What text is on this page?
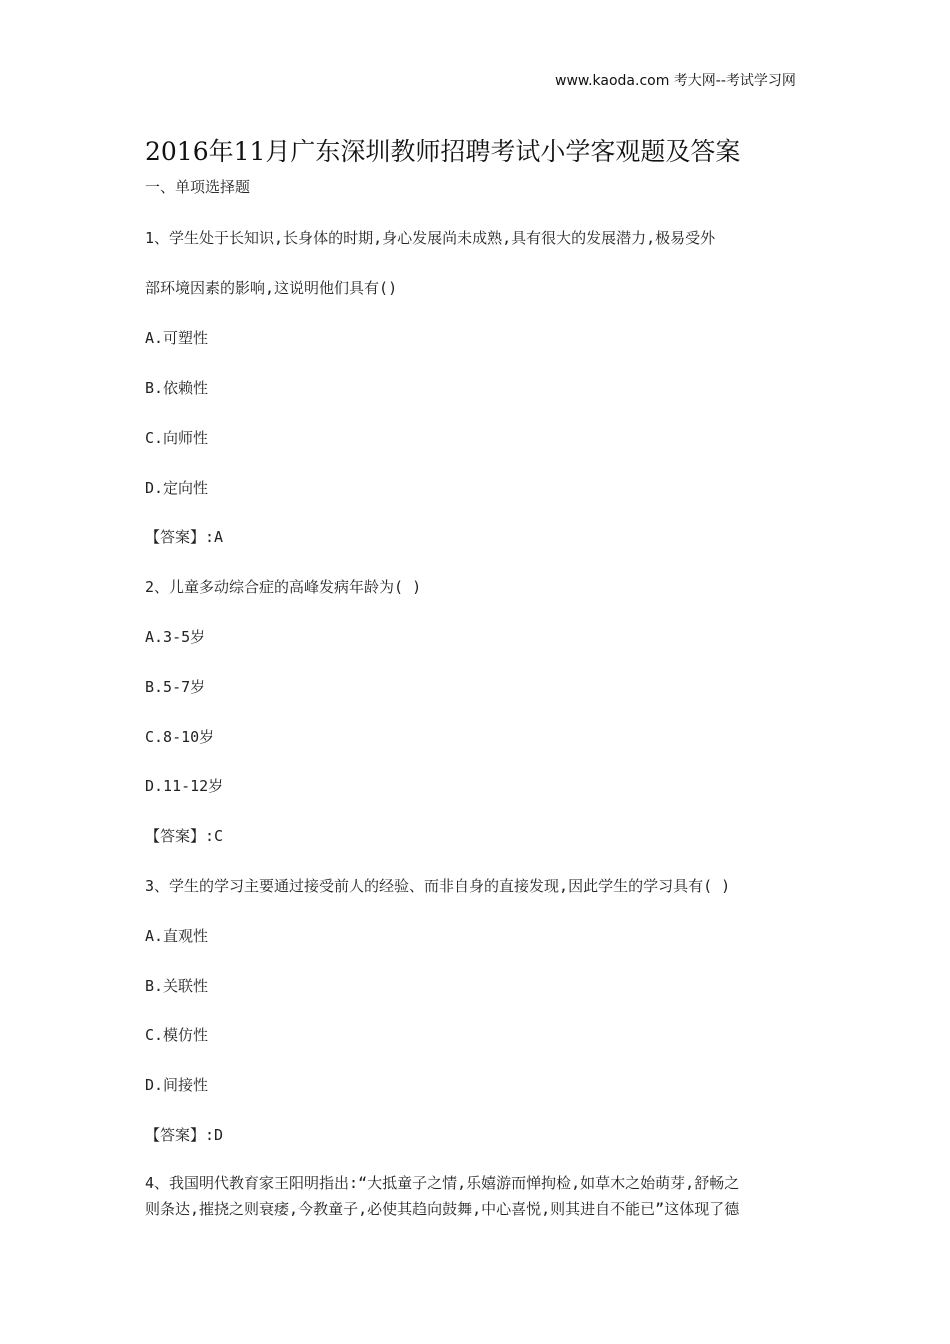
www.kaoda.com 考大网--考试学习网
2016年11月广东深圳教师招聘考试小学客观题及答案
一、单项选择题
1、学生处于长知识,长身体的时期,身心发展尚未成熟,具有很大的发展潜力,极易受外
部环境因素的影响,这说明他们具有()
A.可塑性
B.依赖性
C.向师性
D.定向性
【答案】:A
2、儿童多动综合症的高峰发病年龄为( )
A.3-5岁
B.5-7岁
C.8-10岁
D.11-12岁
【答案】:C
3、学生的学习主要通过接受前人的经验、而非自身的直接发现,因此学生的学习具有( )
A.直观性
B.关联性
C.模仿性
D.间接性
【答案】:D
4、我国明代教育家王阳明指出:“大抵童子之情,乐嬉游而惮拘检,如草木之始萌芽,舒畅之
则条达,摧挠之则衰痿,今教童子,必使其趋向鼓舞,中心喜悦,则其进自不能已”这体现了德
